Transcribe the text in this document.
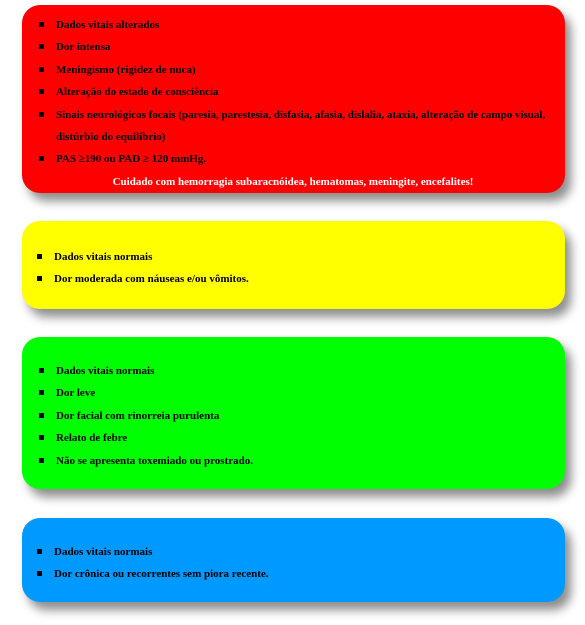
Dados vitais alterados
Dor intensa
Meningismo (rigidez de nuca)
Alteração do estado de consciência
Sinais neurológicos focais (paresia, parestesia, disfasia, afasia, dislalia, ataxia, alteração de campo visual, distúrbio do equilíbrio)
PAS ≥190 ou PAD ≥ 120 mmHg.

Cuidado com hemorragia subaracnóidea, hematomas, meningite, encefalites!

Dados vitais normais
Dor moderada com náuseas e/ou vômitos.
Dados vitais normais
Dor leve
Dor facial com rinorreia purulenta
Relato de febre
Não se apresenta toxemiado ou prostrado.
Dados vitais normais
Dor crônica ou recorrentes sem piora recente.
